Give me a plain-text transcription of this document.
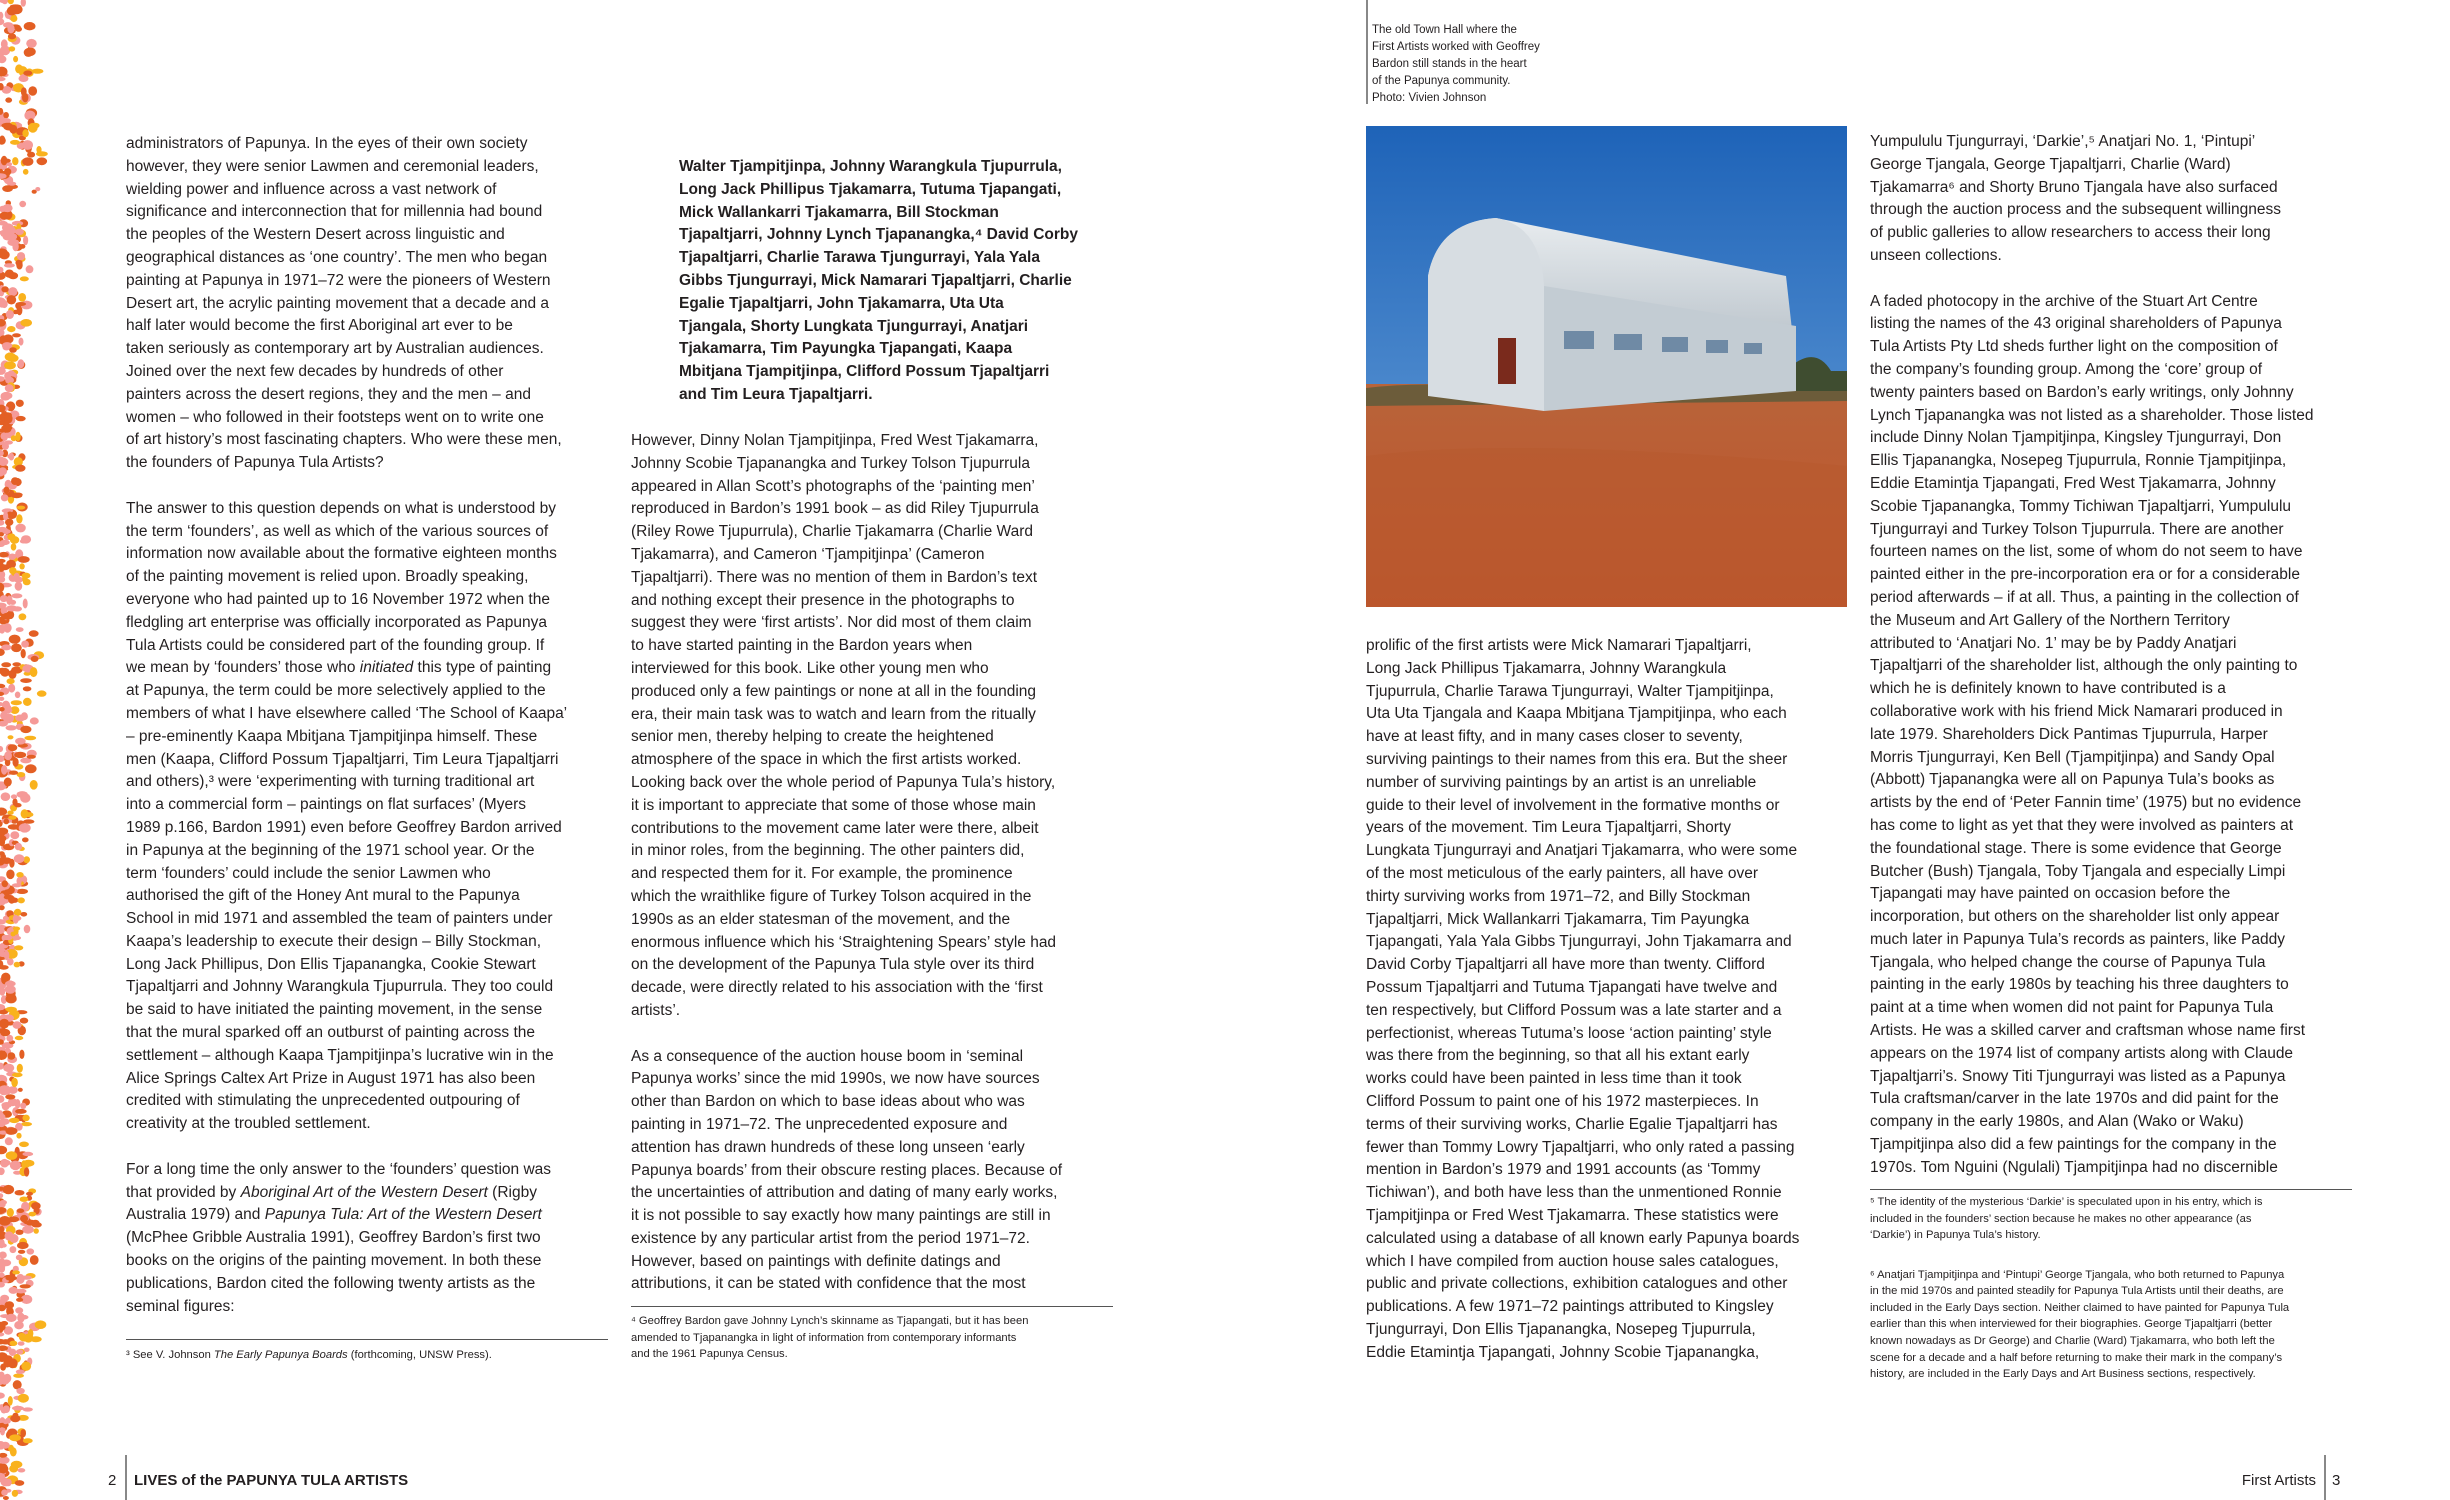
administrators of Papunya. In the eyes of their own society
however, they were senior Lawmen and ceremonial leaders,
wielding power and influence across a vast network of
significance and interconnection that for millennia had bound
the peoples of the Western Desert across linguistic and
geographical distances as ‘one country’. The men who began
painting at Papunya in 1971–72 were the pioneers of Western
Desert art, the acrylic painting movement that a decade and a
half later would become the first Aboriginal art ever to be
taken seriously as contemporary art by Australian audiences.
Joined over the next few decades by hundreds of other
painters across the desert regions, they and the men – and
women – who followed in their footsteps went on to write one
of art history’s most fascinating chapters. Who were these men,
the founders of Papunya Tula Artists?
The answer to this question depends on what is understood by
the term ‘founders’, as well as which of the various sources of
information now available about the formative eighteen months
of the painting movement is relied upon. Broadly speaking,
everyone who had painted up to 16 November 1972 when the
fledgling art enterprise was officially incorporated as Papunya
Tula Artists could be considered part of the founding group. If
we mean by ‘founders’ those who initiated this type of painting
at Papunya, the term could be more selectively applied to the
members of what I have elsewhere called ‘The School of Kaapa’
– pre-eminently Kaapa Mbitjana Tjampitjinpa himself. These
men (Kaapa, Clifford Possum Tjapaltjarri, Tim Leura Tjapaltjarri
and others),³ were ‘experimenting with turning traditional art
into a commercial form – paintings on flat surfaces’ (Myers
1989 p.166, Bardon 1991) even before Geoffrey Bardon arrived
in Papunya at the beginning of the 1971 school year. Or the
term ‘founders’ could include the senior Lawmen who
authorised the gift of the Honey Ant mural to the Papunya
School in mid 1971 and assembled the team of painters under
Kaapa’s leadership to execute their design – Billy Stockman,
Long Jack Phillipus, Don Ellis Tjapanangka, Cookie Stewart
Tjapaltjarri and Johnny Warangkula Tjupurrula. They too could
be said to have initiated the painting movement, in the sense
that the mural sparked off an outburst of painting across the
settlement – although Kaapa Tjampitjinpa’s lucrative win in the
Alice Springs Caltex Art Prize in August 1971 has also been
credited with stimulating the unprecedented outpouring of
creativity at the troubled settlement.
For a long time the only answer to the ‘founders’ question was
that provided by Aboriginal Art of the Western Desert (Rigby
Australia 1979) and Papunya Tula: Art of the Western Desert
(McPhee Gribble Australia 1991), Geoffrey Bardon’s first two
books on the origins of the painting movement. In both these
publications, Bardon cited the following twenty artists as the
seminal figures:
³ See V. Johnson The Early Papunya Boards (forthcoming, UNSW Press).
Walter Tjampitjinpa, Johnny Warangkula Tjupurrula,
Long Jack Phillipus Tjakamarra, Tutuma Tjapangati,
Mick Wallankarri Tjakamarra, Bill Stockman
Tjapaltjarri, Johnny Lynch Tjapanangka,⁴ David Corby
Tjapaltjarri, Charlie Tarawa Tjungurrayi, Yala Yala
Gibbs Tjungurrayi, Mick Namarari Tjapaltjarri, Charlie
Egalie Tjapaltjarri, John Tjakamarra, Uta Uta
Tjangala, Shorty Lungkata Tjungurrayi, Anatjari
Tjakamarra, Tim Payungka Tjapangati, Kaapa
Mbitjana Tjampitjinpa, Clifford Possum Tjapaltjarri
and Tim Leura Tjapaltjarri.
However, Dinny Nolan Tjampitjinpa, Fred West Tjakamarra,
Johnny Scobie Tjapanangka and Turkey Tolson Tjupurrula
appeared in Allan Scott’s photographs of the ‘painting men’
reproduced in Bardon’s 1991 book – as did Riley Tjupurrula
(Riley Rowe Tjupurrula), Charlie Tjakamarra (Charlie Ward
Tjakamarra), and Cameron ‘Tjampitjinpa’ (Cameron
Tjapaltjarri). There was no mention of them in Bardon’s text
and nothing except their presence in the photographs to
suggest they were ‘first artists’. Nor did most of them claim
to have started painting in the Bardon years when
interviewed for this book. Like other young men who
produced only a few paintings or none at all in the founding
era, their main task was to watch and learn from the ritually
senior men, thereby helping to create the heightened
atmosphere of the space in which the first artists worked.
Looking back over the whole period of Papunya Tula’s history,
it is important to appreciate that some of those whose main
contributions to the movement came later were there, albeit
in minor roles, from the beginning. The other painters did,
and respected them for it. For example, the prominence
which the wraithlike figure of Turkey Tolson acquired in the
1990s as an elder statesman of the movement, and the
enormous influence which his ‘Straightening Spears’ style had
on the development of the Papunya Tula style over its third
decade, were directly related to his association with the ‘first
artists’.
As a consequence of the auction house boom in ‘seminal
Papunya works’ since the mid 1990s, we now have sources
other than Bardon on which to base ideas about who was
painting in 1971–72. The unprecedented exposure and
attention has drawn hundreds of these long unseen ‘early
Papunya boards’ from their obscure resting places. Because of
the uncertainties of attribution and dating of many early works,
it is not possible to say exactly how many paintings are still in
existence by any particular artist from the period 1971–72.
However, based on paintings with definite datings and
attributions, it can be stated with confidence that the most
⁴ Geoffrey Bardon gave Johnny Lynch’s skinname as Tjapangati, but it has been
amended to Tjapanangka in light of information from contemporary informants
and the 1961 Papunya Census.
The old Town Hall where the
First Artists worked with Geoffrey
Bardon still stands in the heart
of the Papunya community.
Photo: Vivien Johnson
prolific of the first artists were Mick Namarari Tjapaltjarri,
Long Jack Phillipus Tjakamarra, Johnny Warangkula
Tjupurrula, Charlie Tarawa Tjungurrayi, Walter Tjampitjinpa,
Uta Uta Tjangala and Kaapa Mbitjana Tjampitjinpa, who each
have at least fifty, and in many cases closer to seventy,
surviving paintings to their names from this era. But the sheer
number of surviving paintings by an artist is an unreliable
guide to their level of involvement in the formative months or
years of the movement. Tim Leura Tjapaltjarri, Shorty
Lungkata Tjungurrayi and Anatjari Tjakamarra, who were some
of the most meticulous of the early painters, all have over
thirty surviving works from 1971–72, and Billy Stockman
Tjapaltjarri, Mick Wallankarri Tjakamarra, Tim Payungka
Tjapangati, Yala Yala Gibbs Tjungurrayi, John Tjakamarra and
David Corby Tjapaltjarri all have more than twenty. Clifford
Possum Tjapaltjarri and Tutuma Tjapangati have twelve and
ten respectively, but Clifford Possum was a late starter and a
perfectionist, whereas Tutuma’s loose ‘action painting’ style
was there from the beginning, so that all his extant early
works could have been painted in less time than it took
Clifford Possum to paint one of his 1972 masterpieces. In
terms of their surviving works, Charlie Egalie Tjapaltjarri has
fewer than Tommy Lowry Tjapaltjarri, who only rated a passing
mention in Bardon’s 1979 and 1991 accounts (as ‘Tommy
Tichiwan’), and both have less than the unmentioned Ronnie
Tjampitjinpa or Fred West Tjakamarra. These statistics were
calculated using a database of all known early Papunya boards
which I have compiled from auction house sales catalogues,
public and private collections, exhibition catalogues and other
publications. A few 1971–72 paintings attributed to Kingsley
Tjungurrayi, Don Ellis Tjapanangka, Nosepeg Tjupurrula,
Eddie Etamintja Tjapangati, Johnny Scobie Tjapanangka,
Yumpululu Tjungurrayi, ‘Darkie’,⁵ Anatjari No. 1, ‘Pintupi’
George Tjangala, George Tjapaltjarri, Charlie (Ward)
Tjakamarra⁶ and Shorty Bruno Tjangala have also surfaced
through the auction process and the subsequent willingness
of public galleries to allow researchers to access their long
unseen collections.
A faded photocopy in the archive of the Stuart Art Centre
listing the names of the 43 original shareholders of Papunya
Tula Artists Pty Ltd sheds further light on the composition of
the company’s founding group. Among the ‘core’ group of
twenty painters based on Bardon’s early writings, only Johnny
Lynch Tjapanangka was not listed as a shareholder. Those listed
include Dinny Nolan Tjampitjinpa, Kingsley Tjungurrayi, Don
Ellis Tjapanangka, Nosepeg Tjupurrula, Ronnie Tjampitjinpa,
Eddie Etamintja Tjapangati, Fred West Tjakamarra, Johnny
Scobie Tjapanangka, Tommy Tichiwan Tjapaltjarri, Yumpululu
Tjungurrayi and Turkey Tolson Tjupurrula. There are another
fourteen names on the list, some of whom do not seem to have
painted either in the pre-incorporation era or for a considerable
period afterwards – if at all. Thus, a painting in the collection of
the Museum and Art Gallery of the Northern Territory
attributed to ‘Anatjari No. 1’ may be by Paddy Anatjari
Tjapaltjarri of the shareholder list, although the only painting to
which he is definitely known to have contributed is a
collaborative work with his friend Mick Namarari produced in
late 1979. Shareholders Dick Pantimas Tjupurrula, Harper
Morris Tjungurrayi, Ken Bell (Tjampitjinpa) and Sandy Opal
(Abbott) Tjapanangka were all on Papunya Tula’s books as
artists by the end of ‘Peter Fannin time’ (1975) but no evidence
has come to light as yet that they were involved as painters at
the foundational stage. There is some evidence that George
Butcher (Bush) Tjangala, Toby Tjangala and especially Limpi
Tjapangati may have painted on occasion before the
incorporation, but others on the shareholder list only appear
much later in Papunya Tula’s records as painters, like Paddy
Tjangala, who helped change the course of Papunya Tula
painting in the early 1980s by teaching his three daughters to
paint at a time when women did not paint for Papunya Tula
Artists. He was a skilled carver and craftsman whose name first
appears on the 1974 list of company artists along with Claude
Tjapaltjarri’s. Snowy Titi Tjungurrayi was listed as a Papunya
Tula craftsman/carver in the late 1970s and did paint for the
company in the early 1980s, and Alan (Wako or Waku)
Tjampitjinpa also did a few paintings for the company in the
1970s. Tom Nguini (Ngulali) Tjampitjinpa had no discernible
⁵ The identity of the mysterious ‘Darkie’ is speculated upon in his entry, which is
included in the founders’ section because he makes no other appearance (as
‘Darkie’) in Papunya Tula’s history.
⁶ Anatjari Tjampitjinpa and ‘Pintupi’ George Tjangala, who both returned to Papunya
in the mid 1970s and painted steadily for Papunya Tula Artists until their deaths, are
included in the Early Days section. Neither claimed to have painted for Papunya Tula
earlier than this when interviewed for their biographies. George Tjapaltjarri (better
known nowadays as Dr George) and Charlie (Ward) Tjakamarra, who both left the
scene for a decade and a half before returning to make their mark in the company’s
history, are included in the Early Days and Art Business sections, respectively.
2 LIVES of the PAPUNYA TULA ARTISTS	First Artists 3
